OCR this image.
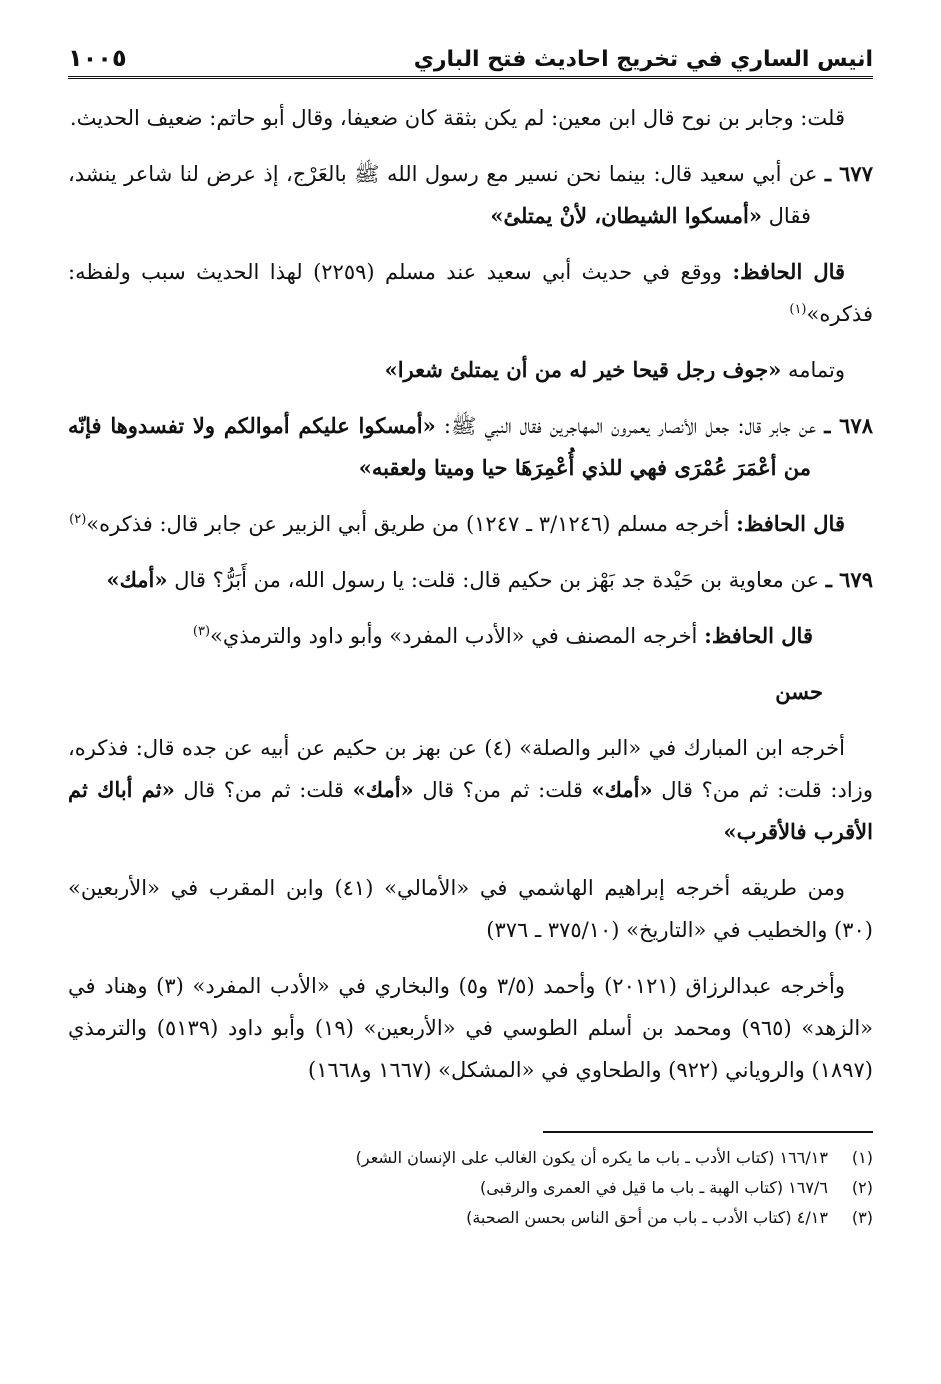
انيس الساري في تخريج احاديث فتح الباري
١٠٠٥
قلت: وجابر بن نوح قال ابن معين: لم يكن بثقة كان ضعيفا، وقال أبو حاتم: ضعيف الحديث.
٦٧٧ ـ عن أبي سعيد قال: بينما نحن نسير مع رسول الله ﷺ بالعَرْج، إذ عرض لنا شاعر ينشد، فقال «أمسكوا الشيطان، لأنْ يمتلئ»
قال الحافظ: ووقع في حديث أبي سعيد عند مسلم (٢٢٥٩) لهذا الحديث سبب ولفظه: فذكره»$^{(١)}$
وتمامه «جوف رجل قيحا خير له من أن يمتلئ شعرا»
٦٧٨ ـ عن جابر قال: جعل الأنصار يعمرون المهاجرين فقال النبي ﷺ: «أمسكوا عليكم أموالكم ولا تفسدوها فإنّه من أعْمَرَ عُمْرَى فهي للذي أُعْمِرَهَا حيا وميتا ولعقبه»
قال الحافظ: أخرجه مسلم (٣/١٢٤٦ ـ ١٢٤٧) من طريق أبي الزبير عن جابر قال: فذكره»$^{(٢)}$
٦٧٩ ـ عن معاوية بن حَيْدة جد بَهْز بن حكيم قال: قلت: يا رسول الله، من أَبَرُّ؟ قال «أمك»
قال الحافظ: أخرجه المصنف في «الأدب المفرد» وأبو داود والترمذي»$^{(٣)}$
حسن
أخرجه ابن المبارك في «البر والصلة» (٤) عن بهز بن حكيم عن أبيه عن جده قال: فذكره، وزاد: قلت: ثم من؟ قال «أمك» قلت: ثم من؟ قال «أمك» قلت: ثم من؟ قال «ثم أباك ثم الأقرب فالأقرب»
ومن طريقه أخرجه إبراهيم الهاشمي في «الأمالي» (٤١) وابن المقرب في «الأربعين» (٣٠) والخطيب في «التاريخ» (٣٧٥/١٠ ـ ٣٧٦)
وأخرجه عبدالرزاق (٢٠١٢١) وأحمد (٣/٥ و٥) والبخاري في «الأدب المفرد» (٣) وهناد في «الزهد» (٩٦٥) ومحمد بن أسلم الطوسي في «الأربعين» (١٩) وأبو داود (٥١٣٩) والترمذي (١٨٩٧) والروياني (٩٢٢) والطحاوي في «المشكل» (١٦٦٧ و١٦٦٨)
(١) ١٦٦/١٣ (كتاب الأدب ـ باب ما يكره أن يكون الغالب على الإنسان الشعر)
(٢) ١٦٧/٦ (كتاب الهبة ـ باب ما قيل في العمرى والرقبى)
(٣) ٤/١٣ (كتاب الأدب ـ باب من أحق الناس بحسن الصحبة)
